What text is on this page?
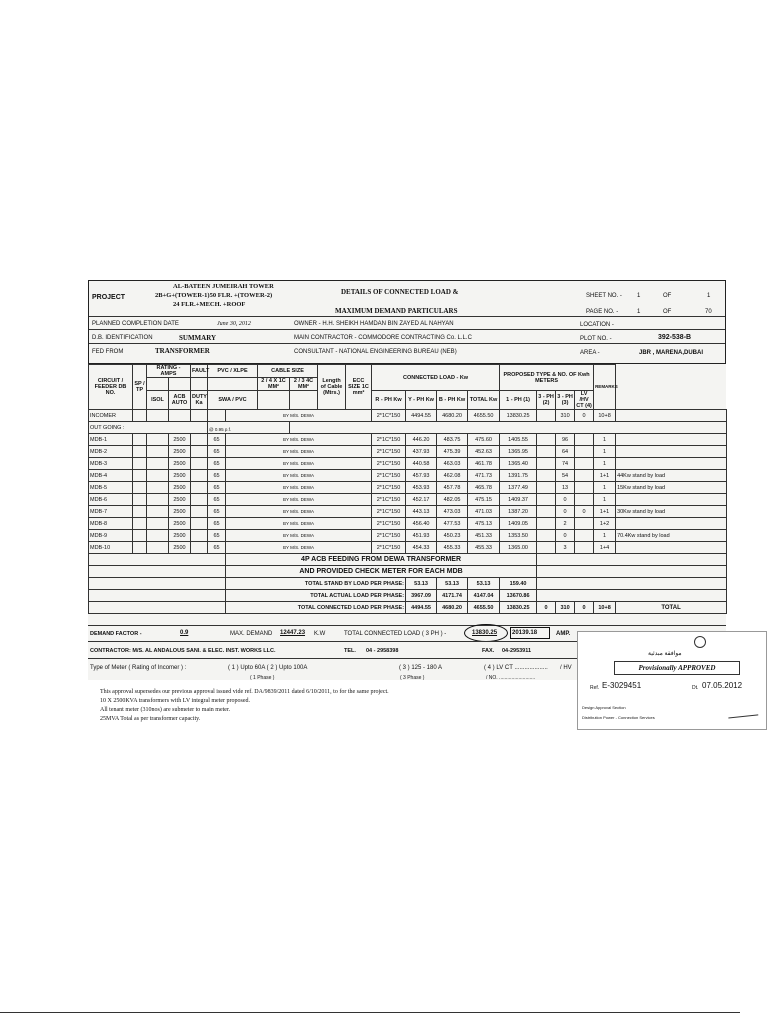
PROJECT
AL-BATEEN JUMEIRAH TOWER
2B+G+(TOWER-1)50 FLR. +(TOWER-2)
24 FLR.+MECH. +ROOF
DETAILS OF CONNECTED LOAD &
MAXIMUM DEMAND PARTICULARS
SHEET NO. -	1	OF	1
PAGE NO. -	1	OF	70
PLANNED COMPLETION DATE	June 30, 2012	OWNER - H.H. SHEIKH HAMDAN BIN ZAYED AL NAHYAN	LOCATION -
D.B. IDENTIFICATION	SUMMARY	MAIN CONTRACTOR - COMMODORE CONTRACTING Co. L.L.C	PLOT NO. -	392-538-B
FED FROM	TRANSFORMER	CONSULTANT - NATIONAL ENGINEERING BUREAU (NEB)	AREA -	JBR , MARENA,DUBAI
CIRCUIT / FEEDER DB NO.	SP / TP	RATING - AMPS		FAULT	PVC / XLPE		CABLE SIZE		Length of Cable (Mtrs.)	ECC SIZE 1C mm²	CONNECTED LOAD - Kw				PROPOSED TYPE & NO. OF Kwh METERS				REMARKS	
							2 / 4 X 1C MM²	2 / 3 4C MM²												
		ISOL	ACB AUTO	DUTY Ka	SWA / PVC						R - PH Kw	Y - PH Kw	B - PH Kw	TOTAL Kw	1 - PH (1)	3 - PH (2)	3 - PH (3)	LV /HV CT (4)		
INCOMER						BY M/S. DEWA					2*1C*150	4494.55	4680.20	4655.50	13830.25		310	0	10+8	
OUT GOING :					@ 0.95 p.f.															
MDB-1			2500		65	BY M/S. DEWA					2*1C*150	446.20	483.75	475.60	1405.55		96		1	
MDB-2			2500		65	BY M/S. DEWA					2*1C*150	437.93	475.39	452.63	1365.95		64		1	
MDB-3			2500		65	BY M/S. DEWA					2*1C*150	440.58	463.03	461.78	1365.40		74		1	
MDB-4			2500		65	BY M/S. DEWA					2*1C*150	457.93	462.08	471.73	1391.75		54		1+1	44Kw stand by load
MDB-5			2500		65	BY M/S. DEWA					2*1C*150	453.93	457.78	465.78	1377.49		13		1	15Kw stand by load
MDB-6			2500		65	BY M/S. DEWA					2*1C*150	452.17	482.05	475.15	1409.37		0		1	
MDB-7			2500		65	BY M/S. DEWA					2*1C*150	443.13	473.03	471.03	1387.20		0	0	1+1	30Kw stand by load
MDB-8			2500		65	BY M/S. DEWA					2*1C*150	456.40	477.53	475.13	1409.05		2		1+2	
MDB-9			2500		65	BY M/S. DEWA					2*1C*150	451.93	450.23	451.33	1353.50		0		1	70.4Kw stand by load
MDB-10			2500		65	BY M/S. DEWA					2*1C*150	454.33	455.33	455.33	1365.00		3		1+4	
						4P ACB FEEDING FROM DEWA TRANSFORMER														
						AND PROVIDED CHECK METER FOR EACH MDB														
						TOTAL STAND BY LOAD PER PHASE:						53.13	53.13	53.13	159.40					
						TOTAL ACTUAL LOAD PER PHASE:						3967.09	4171.74	4147.04	13670.86					
						TOTAL CONNECTED LOAD PER PHASE:						4494.55	4680.20	4655.50	13830.25	0	310	0	10+8	TOTAL
DEMAND FACTOR -	0.9	MAX. DEMAND 12447.23 K.W	TOTAL CONNECTED LOAD ( 3 PH ) -	13830.25 20139.18	AMP.
CONTRACTOR: M/S. AL ANDALOUS SANI. & ELEC. INST. WORKS LLC.	TEL. 04 - 2958398	FAX. 04-2953911
Type of Meter ( Rating of Incomer ) :	( 1 ) Upto 60A ( 2 ) Upto 100A
( 1 Phase )
( 3 ) 125 - 180 A
( 3 Phase )
( 4 ) LV CT ....................
/ NO. ..........................
/ HV
This approval supersedes our previous approval issued vide ref. DA/9839/2011 dated 6/10/2011, to for the same project.
10 X 2500KVA transformers with LV integral meter proposed.
All tenant meter (310nos) are submeter to main meter.
25MVA Total as per transformer capacity.
موافقة مبدئية
Provisionally APPROVED
Ref. E-3029451	Dt. 07.05.2012
Design Approval Section
Distribution Power - Connection Services
